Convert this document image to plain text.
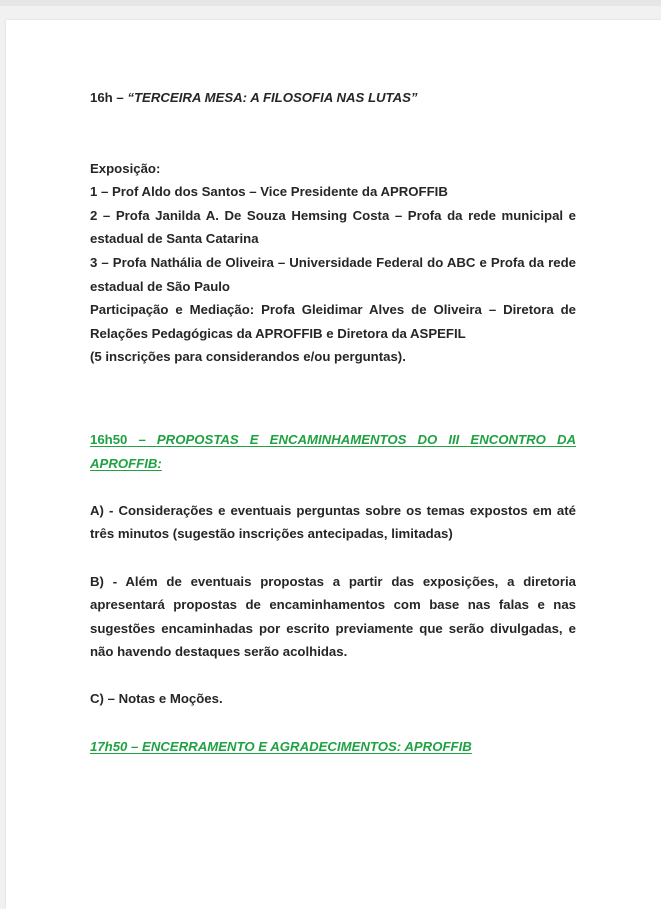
16h – “TERCEIRA MESA: A FILOSOFIA NAS LUTAS”

Exposição:

1 – Prof Aldo dos Santos – Vice Presidente da APROFFIB

2 – Profa Janilda A. De Souza Hemsing Costa – Profa da rede municipal e

estadual de Santa Catarina

3 – Profa Nathália de Oliveira – Universidade Federal do ABC e Profa da rede

estadual de São Paulo

Participação e Mediação: Profa Gleidimar Alves de Oliveira – Diretora de

Relações Pedagógicas da APROFFIB e Diretora da ASPEFIL

(5 inscrições para considerandos e/ou perguntas).

16h50 – PROPOSTAS E ENCAMINHAMENTOS DO III ENCONTRO DA

APROFFIB:

A) - Considerações e eventuais perguntas sobre os temas expostos em até

três minutos (sugestão inscrições antecipadas, limitadas)

B) - Além de eventuais propostas a partir das exposições, a diretoria

apresentará propostas de encaminhamentos com base nas falas e nas

sugestões encaminhadas por escrito previamente que serão divulgadas, e

não havendo destaques serão acolhidas.

C) – Notas e Moções.

17h50 – ENCERRAMENTO E AGRADECIMENTOS: APROFFIB
